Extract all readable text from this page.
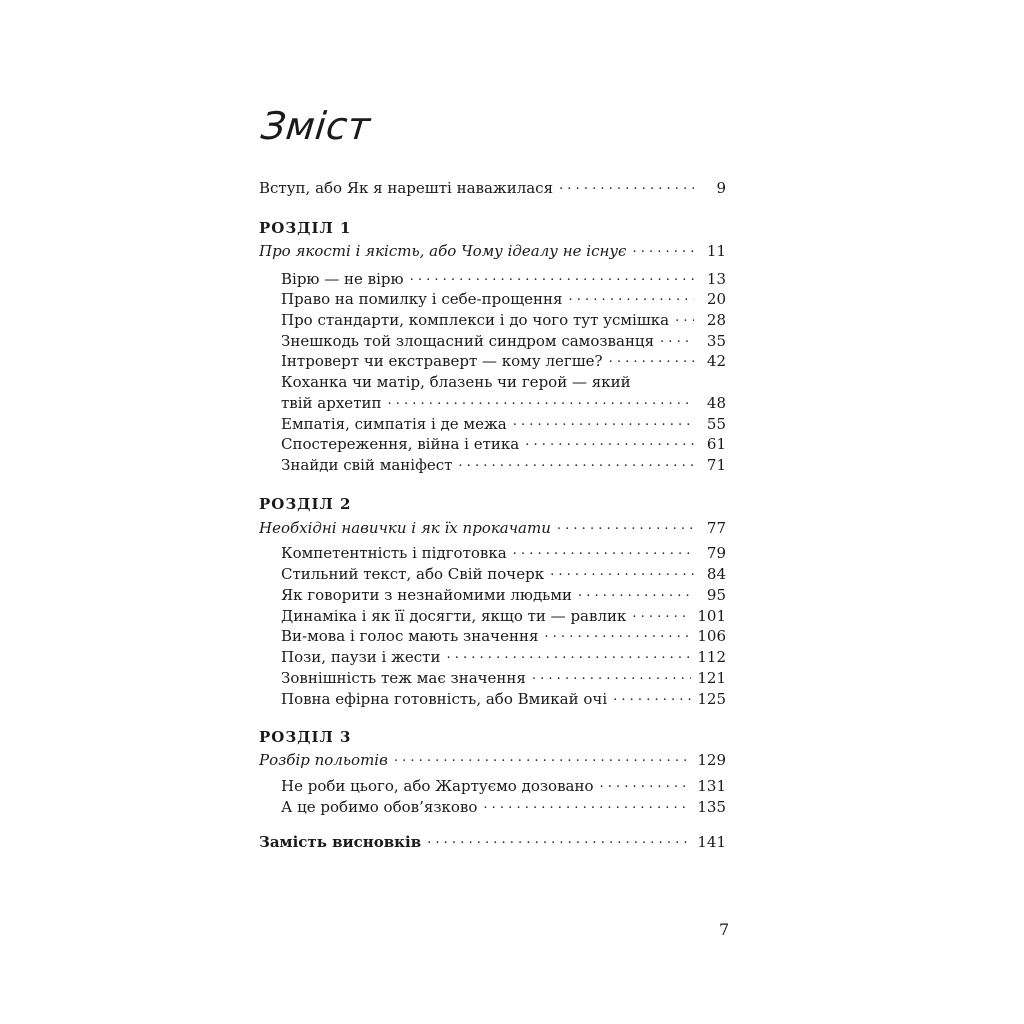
Зміст
Вступ, або Як я нарешті наважилася . . .	9
РОЗДІЛ 1
Про якості і якість, або Чому ідеалу не існує . . .	11
Вірю — не вірю . . .	13
Право на помилку і себе-прощення . . .	20
Про стандарти, комплекси і до чого тут усмішка . . .	28
Знешкодь той злощасний синдром самозванця . . .	35
Інтроверт чи екстраверт — кому легше? . . .	42
Коханка чи матір, блазень чи герой — який
твій архетип . . .	48
Емпатія, симпатія і де межа . . .	55
Спостереження, війна і етика . . .	61
Знайди свій маніфест . . .	71
РОЗДІЛ 2
Необхідні навички і як їх прокачати . . .	77
Компетентність і підготовка . . .	79
Стильний текст, або Свій почерк . . .	84
Як говорити з незнайомими людьми . . .	95
Динаміка і як її досягти, якщо ти — равлик . . .	101
Ви-мова і голос мають значення . . .	106
Пози, паузи і жести . . .	112
Зовнішність теж має значення . . .	121
Повна ефірна готовність, або Вмикай очі . . .	125
РОЗДІЛ 3
Розбір польотів . . .	129
Не роби цього, або Жартуємо дозовано . . .	131
А це робимо обов’язково . . .	135
Замість висновків . . .	141
7
